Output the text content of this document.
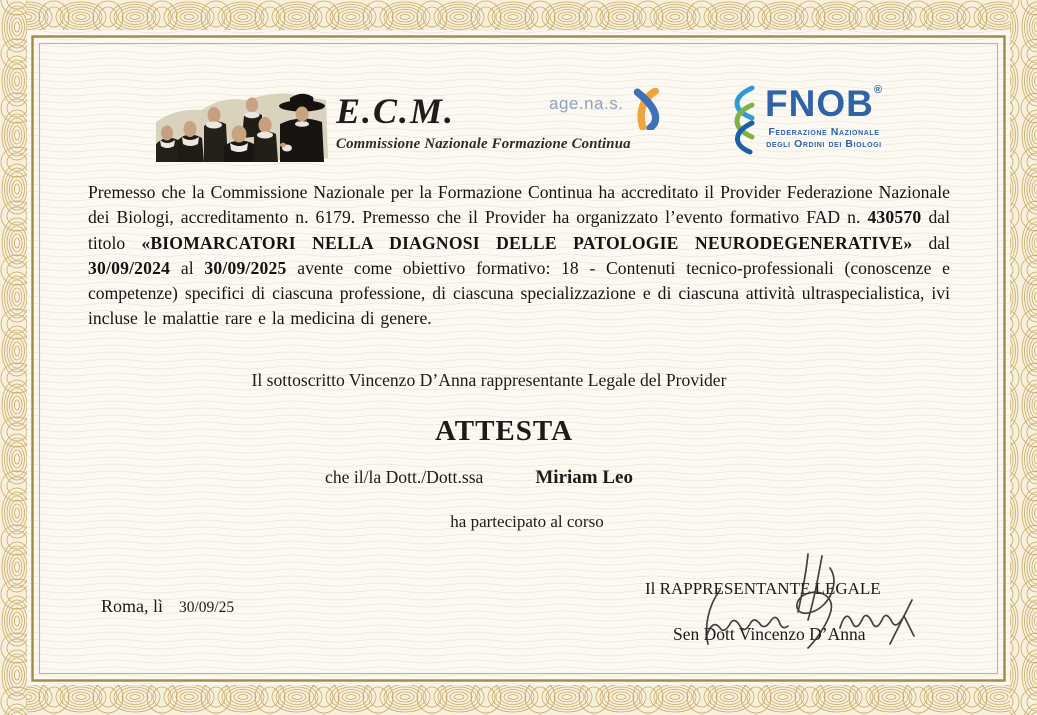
E.C.M.
Commissione Nazionale Formazione Continua
age.na.s.	FNOB®
Federazione Nazionale
degli Ordini dei Biologi
Premesso che la Commissione Nazionale per la Formazione Continua ha accreditato il Provider Federazione Nazionale dei Biologi, accreditamento n. 6179. Premesso che il Provider ha organizzato l’evento formativo FAD n. 430570 dal titolo «BIOMARCATORI NELLA DIAGNOSI DELLE PATOLOGIE NEURODEGENERATIVE» dal 30/09/2024 al 30/09/2025 avente come obiettivo formativo: 18 - Contenuti tecnico-professionali (conoscenze e competenze) specifici di ciascuna professione, di ciascuna specializzazione e di ciascuna attività ultraspecialistica, ivi incluse le malattie rare e la medicina di genere.
Il sottoscritto Vincenzo D’Anna rappresentante Legale del Provider
ATTESTA
che il/la Dott./Dott.ssa	Miriam Leo
ha partecipato al corso
Roma, lì 30/09/25
Il RAPPRESENTANTE LEGALE
Sen Dott Vincenzo D’Anna
